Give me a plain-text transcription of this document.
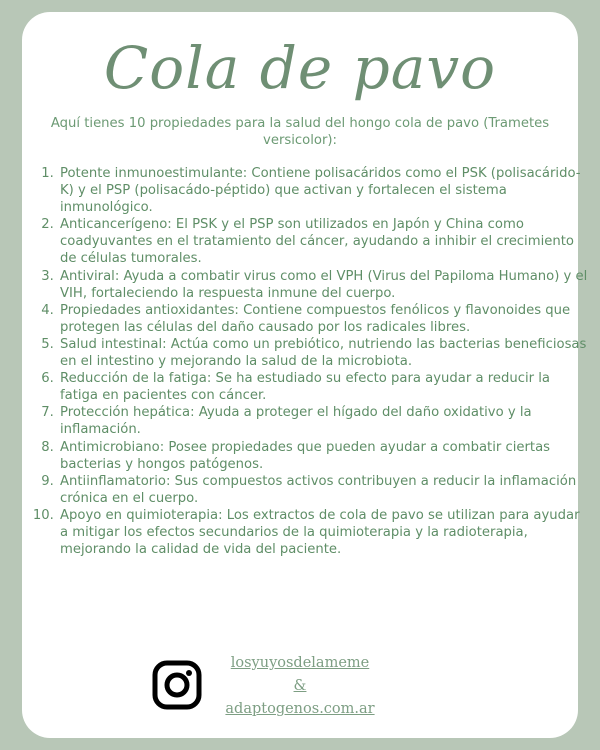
Cola de pavo
Aquí tienes 10 propiedades para la salud del hongo cola de pavo (Trametes versicolor):
1. Potente inmunoestimulante: Contiene polisacáridos como el PSK (polisacárido-K) y el PSP (polisacádo-péptido) que activan y fortalecen el sistema inmunológico.
2. Anticancerígeno: El PSK y el PSP son utilizados en Japón y China como coadyuvantes en el tratamiento del cáncer, ayudando a inhibir el crecimiento de células tumorales.
3. Antiviral: Ayuda a combatir virus como el VPH (Virus del Papiloma Humano) y el VIH, fortaleciendo la respuesta inmune del cuerpo.
4. Propiedades antioxidantes: Contiene compuestos fenólicos y flavonoides que protegen las células del daño causado por los radicales libres.
5. Salud intestinal: Actúa como un prebiótico, nutriendo las bacterias beneficiosas en el intestino y mejorando la salud de la microbiota.
6. Reducción de la fatiga: Se ha estudiado su efecto para ayudar a reducir la fatiga en pacientes con cáncer.
7. Protección hepática: Ayuda a proteger el hígado del daño oxidativo y la inflamación.
8. Antimicrobiano: Posee propiedades que pueden ayudar a combatir ciertas bacterias y hongos patógenos.
9. Antiinflamatorio: Sus compuestos activos contribuyen a reducir la inflamación crónica en el cuerpo.
10. Apoyo en quimioterapia: Los extractos de cola de pavo se utilizan para ayudar a mitigar los efectos secundarios de la quimioterapia y la radioterapia, mejorando la calidad de vida del paciente.
losyuyosdelameme
&
adaptogenos.com.ar
